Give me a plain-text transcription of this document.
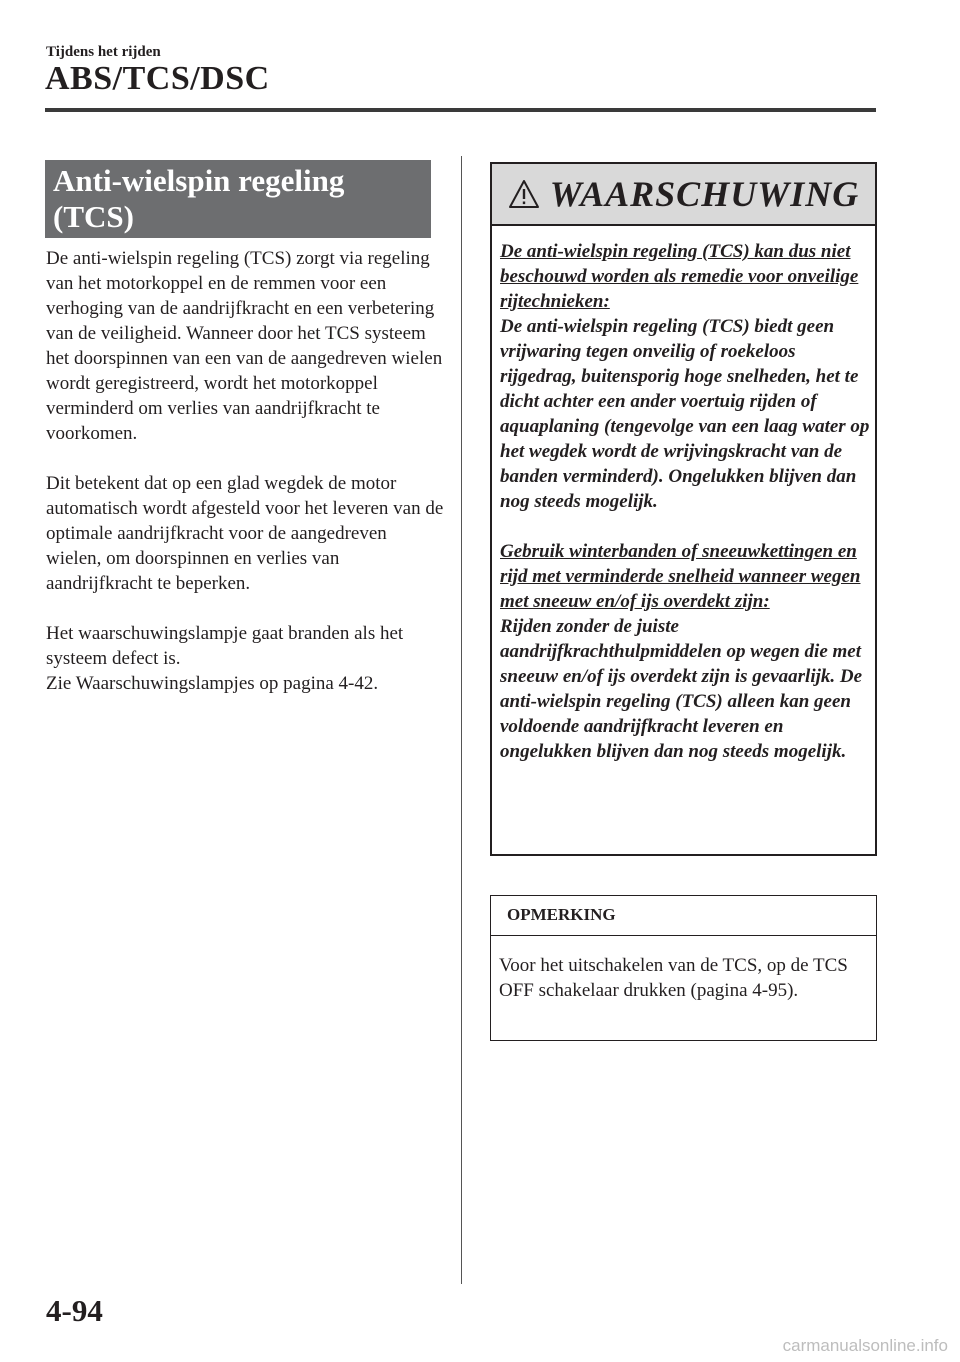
Tijdens het rijden
ABS/TCS/DSC
Anti-wielspin regeling
(TCS)

De anti-wielspin regeling (TCS) zorgt via regeling van het motorkoppel en de remmen voor een verhoging van de aandrijfkracht en een verbetering van de veiligheid. Wanneer door het TCS systeem het doorspinnen van een van de aangedreven wielen wordt geregistreerd, wordt het motorkoppel verminderd om verlies van aandrijfkracht te voorkomen.

Dit betekent dat op een glad wegdek de motor automatisch wordt afgesteld voor het leveren van de optimale aandrijfkracht voor de aangedreven wielen, om doorspinnen en verlies van aandrijfkracht te beperken.

Het waarschuwingslampje gaat branden als het systeem defect is.
Zie Waarschuwingslampjes op pagina 4-42.

WAARSCHUWING

De anti-wielspin regeling (TCS) kan dus niet beschouwd worden als remedie voor onveilige rijtechnieken:

De anti-wielspin regeling (TCS) biedt geen vrijwaring tegen onveilig of roekeloos rijgedrag, buitensporig hoge snelheden, het te dicht achter een ander voertuig rijden of aquaplaning (tengevolge van een laag water op het wegdek wordt de wrijvingskracht van de banden verminderd). Ongelukken blijven dan nog steeds mogelijk.

Gebruik winterbanden of sneeuwkettingen en rijd met verminderde snelheid wanneer wegen met sneeuw en/of ijs overdekt zijn:

Rijden zonder de juiste aandrijfkrachthulpmiddelen op wegen die met sneeuw en/of ijs overdekt zijn is gevaarlijk. De anti-wielspin regeling (TCS) alleen kan geen voldoende aandrijfkracht leveren en ongelukken blijven dan nog steeds mogelijk.

OPMERKING
Voor het uitschakelen van de TCS, op de TCS OFF schakelaar drukken (pagina 4-95).
4-94
carmanualsonline.info
